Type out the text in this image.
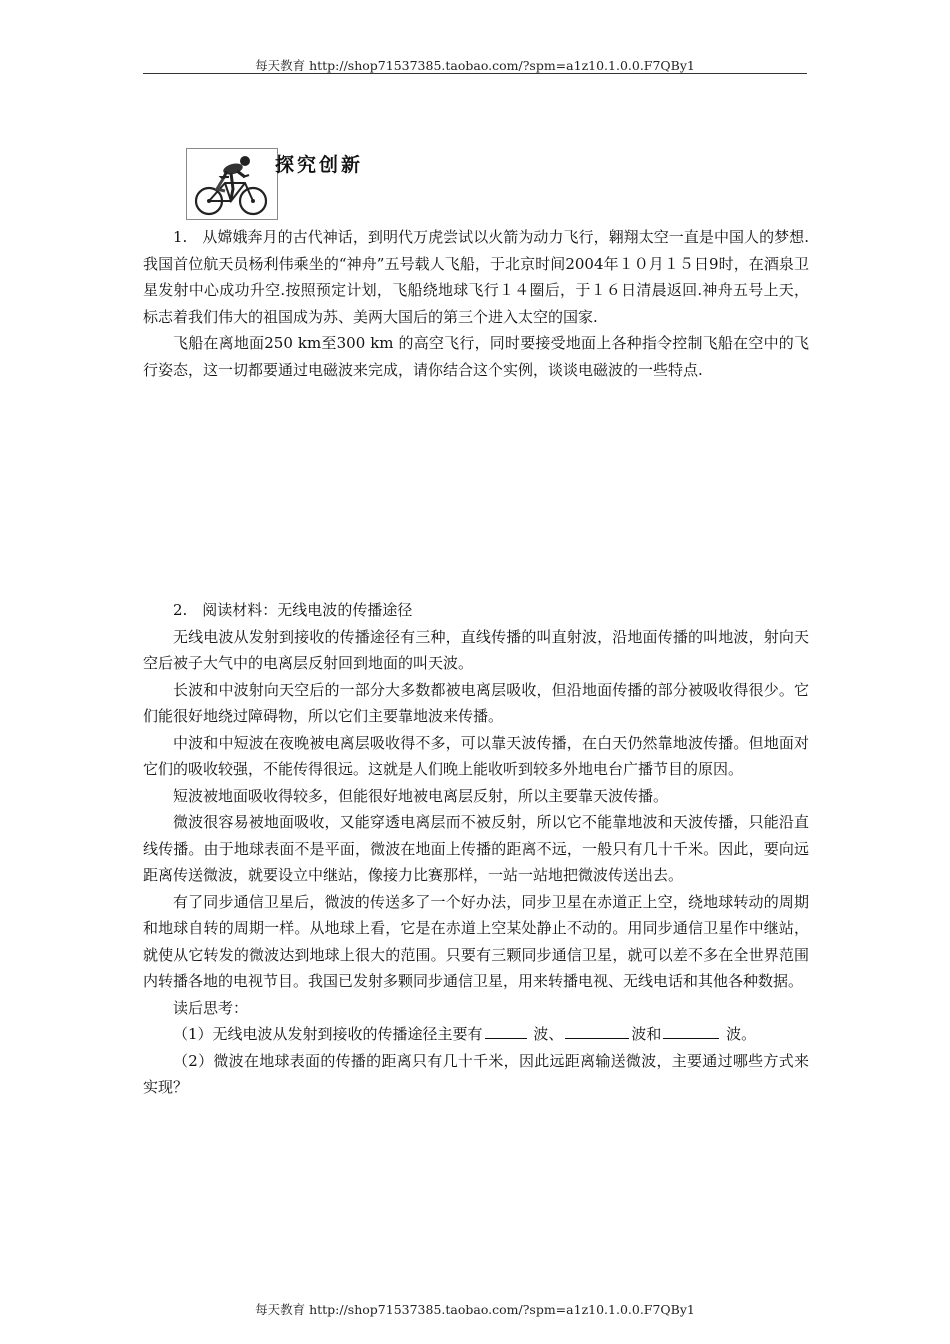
每天教育 http://shop71537385.taobao.com/?spm=a1z10.1.0.0.F7QBy1
探究创新

1.　从嫦娥奔月的古代神话，到明代万虎尝试以火箭为动力飞行，翱翔太空一直是中国人的梦想.我国首位航天员杨利伟乘坐的“神舟”五号载人飞船，于北京时间2004年１０月１５日9时，在酒泉卫星发射中心成功升空.按照预定计划，飞船绕地球飞行１４圈后，于１６日清晨返回.神舟五号上天，标志着我们伟大的祖国成为苏、美两大国后的第三个进入太空的国家.

飞船在离地面250 km至300 km 的高空飞行，同时要接受地面上各种指令控制飞船在空中的飞行姿态，这一切都要通过电磁波来完成，请你结合这个实例，谈谈电磁波的一些特点.

2.　阅读材料：无线电波的传播途径

无线电波从发射到接收的传播途径有三种，直线传播的叫直射波，沿地面传播的叫地波，射向天空后被子大气中的电离层反射回到地面的叫天波。

长波和中波射向天空后的一部分大多数都被电离层吸收，但沿地面传播的部分被吸收得很少。它们能很好地绕过障碍物，所以它们主要靠地波来传播。

中波和中短波在夜晚被电离层吸收得不多，可以靠天波传播，在白天仍然靠地波传播。但地面对它们的吸收较强，不能传得很远。这就是人们晚上能收听到较多外地电台广播节目的原因。

短波被地面吸收得较多，但能很好地被电离层反射，所以主要靠天波传播。

微波很容易被地面吸收，又能穿透电离层而不被反射，所以它不能靠地波和天波传播，只能沿直线传播。由于地球表面不是平面，微波在地面上传播的距离不远，一般只有几十千米。因此，要向远距离传送微波，就要设立中继站，像接力比赛那样，一站一站地把微波传送出去。

有了同步通信卫星后，微波的传送多了一个好办法，同步卫星在赤道正上空，绕地球转动的周期和地球自转的周期一样。从地球上看，它是在赤道上空某处静止不动的。用同步通信卫星作中继站，就使从它转发的微波达到地球上很大的范围。只要有三颗同步通信卫星，就可以差不多在全世界范围内转播各地的电视节目。我国已发射多颗同步通信卫星，用来转播电视、无线电话和其他各种数据。

读后思考：

（1）无线电波从发射到接收的传播途径主要有	波、	波和	波。

（2）微波在地球表面的传播的距离只有几十千米，因此远距离输送微波，主要通过哪些方式来实现？

每天教育 http://shop71537385.taobao.com/?spm=a1z10.1.0.0.F7QBy1
